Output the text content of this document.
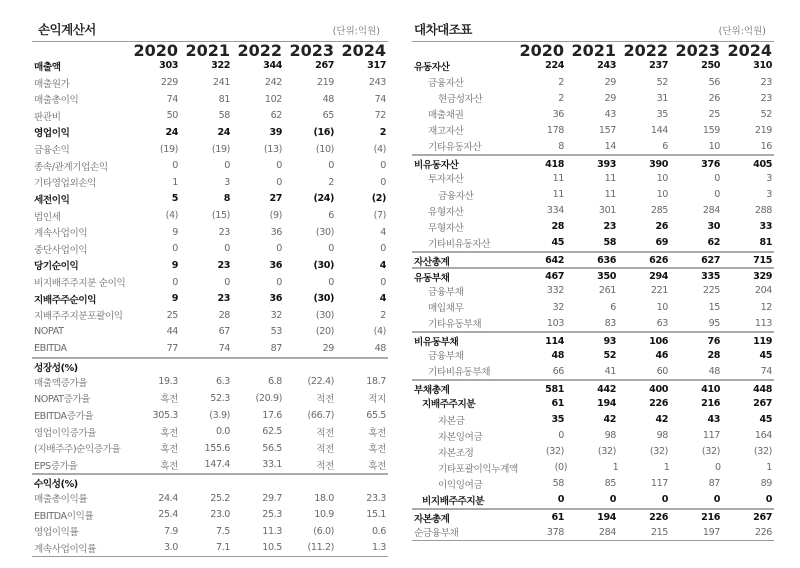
손익계산서	(단위:억원)
2020 2021 2022 2023 2024
매출액	303	322	344	267	317
매출원가	229	241	242	219	243
매출총이익	74	81	102	48	74
판관비	50	58	62	65	72
영업이익	24	24	39	(16)	2
금융손익	(19)	(19)	(13)	(10)	(4)
종속/관계기업손익	0	0	0	0	0
기타영업외손익	1	3	0	2	0
세전이익	5	8	27	(24)	(2)
법인세	(4)	(15)	(9)	6	(7)
계속사업이익	9	23	36	(30)	4
중단사업이익	0	0	0	0	0
당기순이익	9	23	36	(30)	4
비지배주주지분 순이익	0	0	0	0	0
지배주주순이익	9	23	36	(30)	4
지배주주지분포괄이익	25	28	32	(30)	2
NOPAT	44	67	53	(20)	(4)
EBITDA	77	74	87	29	48
성장성(%)
매출액증가율	19.3	6.3	6.8	(22.4)	18.7
NOPAT증가율	흑전	52.3	(20.9)	적전	적지
EBITDA증가율	305.3	(3.9)	17.6	(66.7)	65.5
영업이익증가율	흑전	0.0	62.5	적전	흑전
(지배주주)순익증가율	흑전	155.6	56.5	적전	흑전
EPS증가율	흑전	147.4	33.1	적전	흑전
수익성(%)
매출총이익률	24.4	25.2	29.7	18.0	23.3
EBITDA이익률	25.4	23.0	25.3	10.9	15.1
영업이익률	7.9	7.5	11.3	(6.0)	0.6
계속사업이익률	3.0	7.1	10.5	(11.2)	1.3
대차대조표	(단위:억원)
2020 2021 2022 2023 2024
유동자산	224	243	237	250	310
금융자산	2	29	52	56	23
현금성자산	2	29	31	26	23
매출채권	36	43	35	25	52
재고자산	178	157	144	159	219
기타유동자산	8	14	6	10	16
비유동자산	418	393	390	376	405
투자자산	11	11	10	0	3
금융자산	11	11	10	0	3
유형자산	334	301	285	284	288
무형자산	28	23	26	30	33
기타비유동자산	45	58	69	62	81
자산총계	642	636	626	627	715
유동부채	467	350	294	335	329
금융부채	332	261	221	225	204
매입채무	32	6	10	15	12
기타유동부채	103	83	63	95	113
비유동부채	114	93	106	76	119
금융부채	48	52	46	28	45
기타비유동부채	66	41	60	48	74
부채총계	581	442	400	410	448
지배주주지분	61	194	226	216	267
자본금	35	42	42	43	45
자본잉여금	0	98	98	117	164
자본조정	(32)	(32)	(32)	(32)	(32)
기타포괄이익누계액	(0)	1	1	0	1
이익잉여금	58	85	117	87	89
비지배주주지분	0	0	0	0	0
자본총계	61	194	226	216	267
순금융부채	378	284	215	197	226
